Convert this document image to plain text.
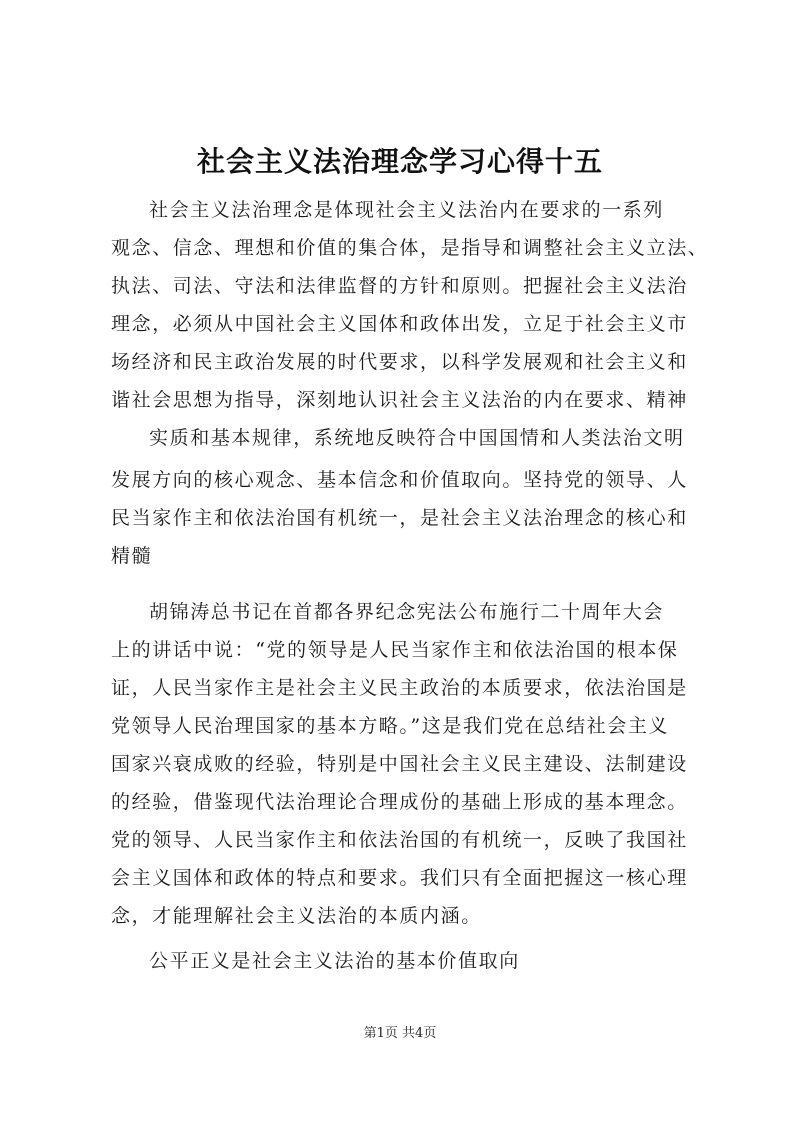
社会主义法治理念学习心得十五
社会主义法治理念是体现社会主义法治内在要求的一系列
观念、信念、理想和价值的集合体，是指导和调整社会主义立法、
执法、司法、守法和法律监督的方针和原则。把握社会主义法治
理念，必须从中国社会主义国体和政体出发，立足于社会主义市
场经济和民主政治发展的时代要求，以科学发展观和社会主义和
谐社会思想为指导，深刻地认识社会主义法治的内在要求、精神
实质和基本规律，系统地反映符合中国国情和人类法治文明
发展方向的核心观念、基本信念和价值取向。坚持党的领导、人
民当家作主和依法治国有机统一，是社会主义法治理念的核心和
精髓
胡锦涛总书记在首都各界纪念宪法公布施行二十周年大会
上的讲话中说：“党的领导是人民当家作主和依法治国的根本保
证，人民当家作主是社会主义民主政治的本质要求，依法治国是
党领导人民治理国家的基本方略。”这是我们党在总结社会主义
国家兴衰成败的经验，特别是中国社会主义民主建设、法制建设
的经验，借鉴现代法治理论合理成份的基础上形成的基本理念。
党的领导、人民当家作主和依法治国的有机统一，反映了我国社
会主义国体和政体的特点和要求。我们只有全面把握这一核心理
念，才能理解社会主义法治的本质内涵。
公平正义是社会主义法治的基本价值取向
第1页 共4页
